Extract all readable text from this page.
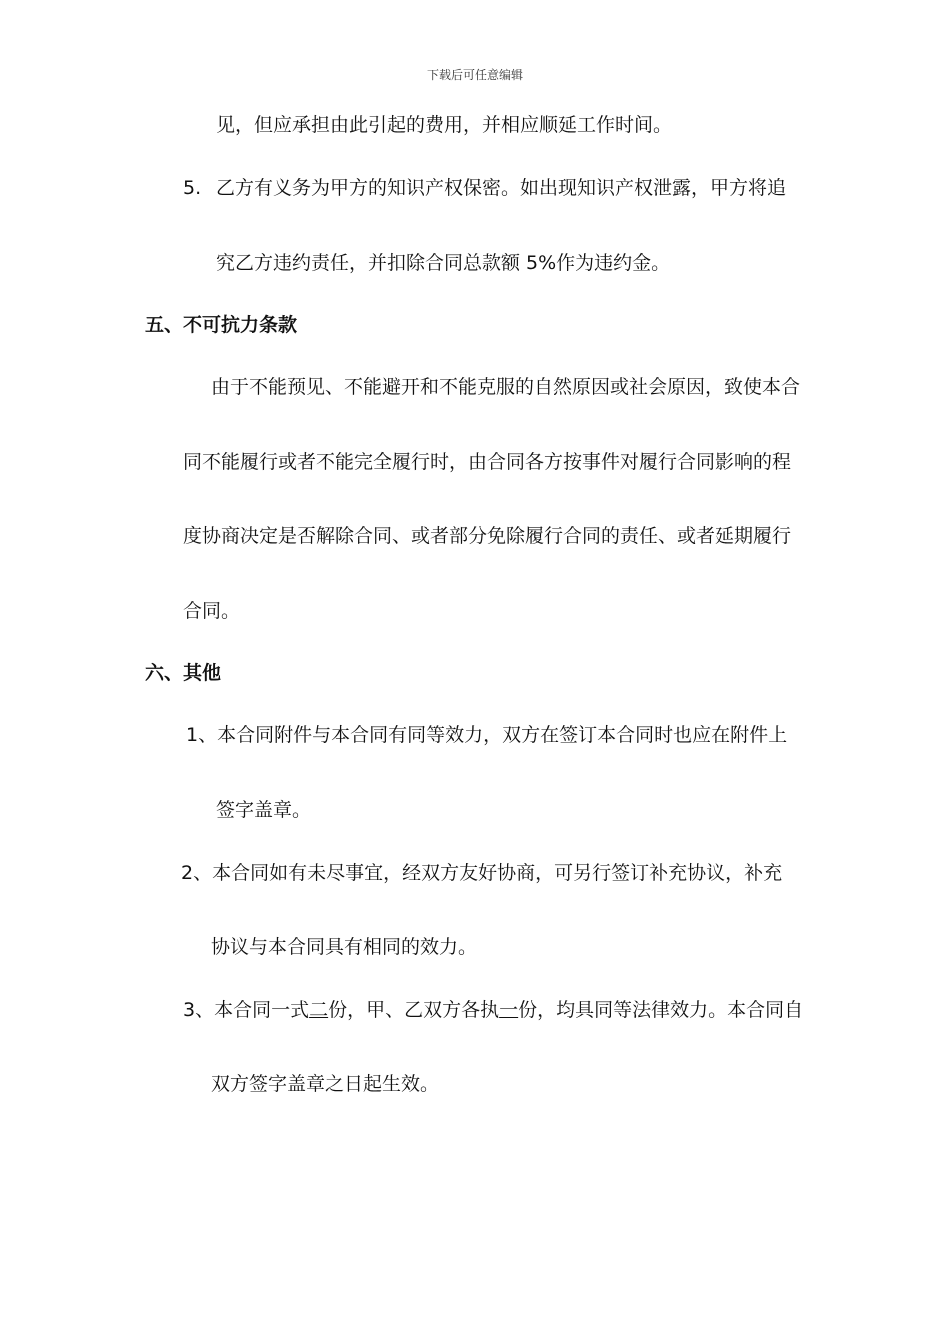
下载后可任意编辑
见，但应承担由此引起的费用，并相应顺延工作时间。
5. 乙方有义务为甲方的知识产权保密。如出现知识产权泄露，甲方将追
究乙方违约责任，并扣除合同总款额 5%作为违约金。
五、不可抗力条款
由于不能预见、不能避开和不能克服的自然原因或社会原因，致使本合
同不能履行或者不能完全履行时，由合同各方按事件对履行合同影响的程
度协商决定是否解除合同、或者部分免除履行合同的责任、或者延期履行
合同。
六、其他
1、本合同附件与本合同有同等效力，双方在签订本合同时也应在附件上
签字盖章。
2、本合同如有未尽事宜，经双方友好协商，可另行签订补充协议，补充
协议与本合同具有相同的效力。
3、本合同一式二份，甲、乙双方各执一份，均具同等法律效力。本合同自
双方签字盖章之日起生效。
